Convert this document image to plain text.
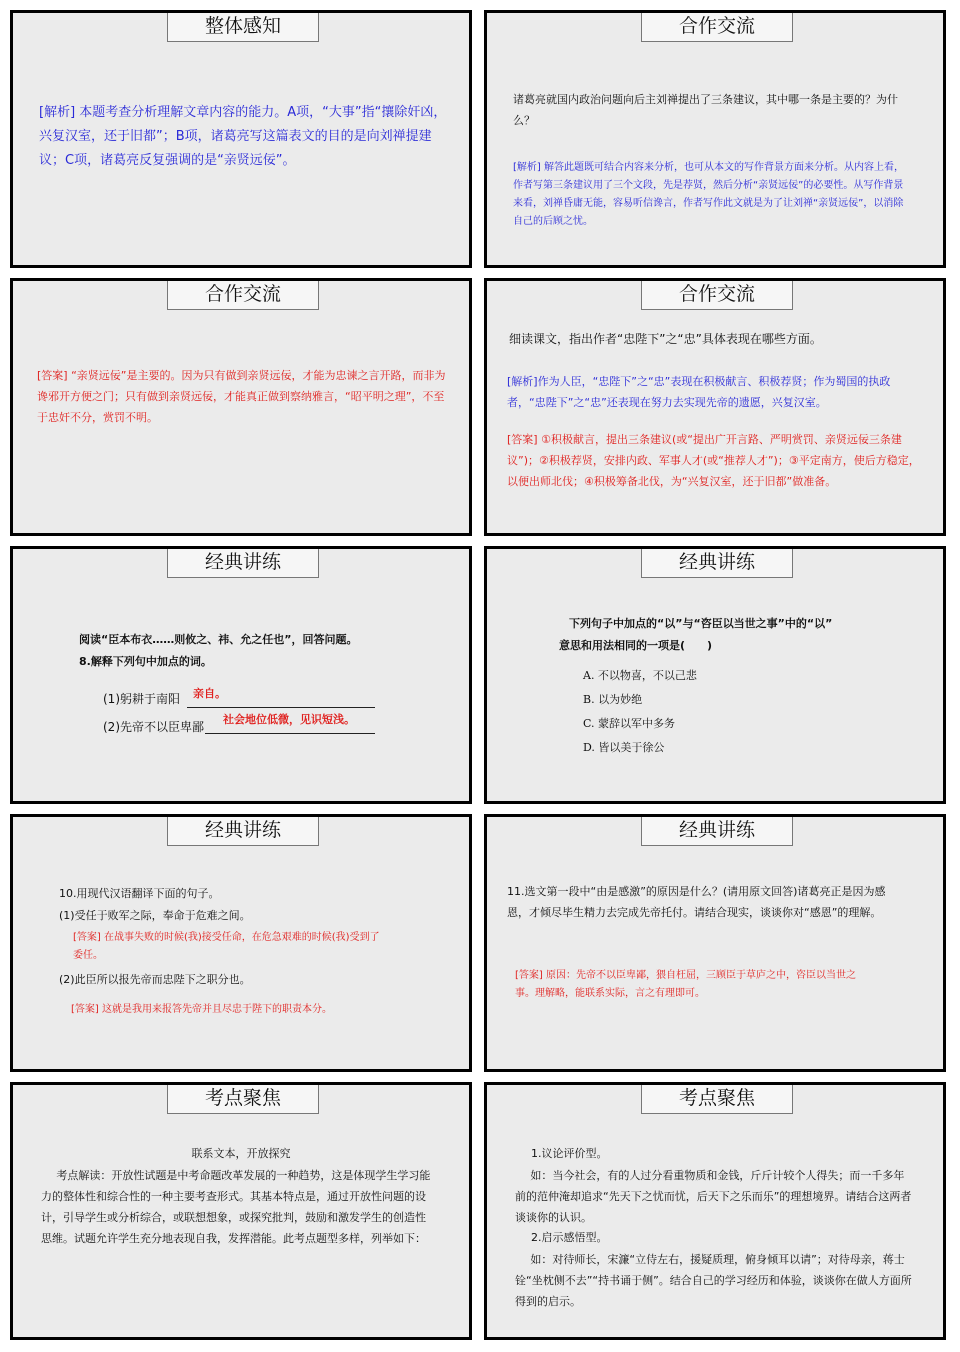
整体感知

[解析] 本题考查分析理解文章内容的能力。A项，“大事”指“攘除奸凶，兴复汉室，还于旧都”；B项，诸葛亮写这篇表文的目的是向刘禅提建议；C项，诸葛亮反复强调的是“亲贤远佞”。

合作交流

诸葛亮就国内政治问题向后主刘禅提出了三条建议，其中哪一条是主要的？为什么？

[解析] 解答此题既可结合内容来分析，也可从本文的写作背景方面来分析。从内容上看，作者写第三条建议用了三个文段，先是荐贤，然后分析“亲贤远佞”的必要性。从写作背景来看，刘禅昏庸无能，容易听信谗言，作者写作此文就是为了让刘禅“亲贤远佞”，以消除自己的后顾之忧。

合作交流

[答案] “亲贤远佞”是主要的。因为只有做到亲贤远佞，才能为忠谏之言开路，而非为谗邪开方便之门；只有做到亲贤远佞，才能真正做到察纳雅言，“昭平明之理”，不至于忠奸不分，赏罚不明。

合作交流

细读课文，指出作者“忠陛下”之“忠”具体表现在哪些方面。

[解析]作为人臣，“忠陛下”之“忠”表现在积极献言、积极荐贤；作为蜀国的执政者，“忠陛下”之“忠”还表现在努力去实现先帝的遗愿，兴复汉室。

[答案] ①积极献言，提出三条建议(或“提出广开言路、严明赏罚、亲贤远佞三条建议”)；②积极荐贤，安排内政、军事人才(或“推荐人才”)；③平定南方，使后方稳定，以便出师北伐；④积极筹备北伐，为“兴复汉室，还于旧都”做准备。

经典讲练

阅读“臣本布衣……则攸之、祎、允之任也”，回答问题。

8.解释下列句中加点的词。

(1)躬耕于南阳 亲自。

(2)先帝不以臣卑鄙

社会地位低微，见识短浅。

经典讲练

下列句子中加点的“以”与“咨臣以当世之事”中的“以”

意思和用法相同的一项是(　　)

A. 不以物喜，不以己悲
B. 以为妙绝
C. 蒙辞以军中多务
D. 皆以美于徐公
经典讲练

10.用现代汉语翻译下面的句子。

(1)受任于败军之际，奉命于危难之间。

[答案] 在战事失败的时候(我)接受任命，在危急艰难的时候(我)受到了委任。

(2)此臣所以报先帝而忠陛下之职分也。

[答案] 这就是我用来报答先帝并且尽忠于陛下的职责本分。

经典讲练

11.选文第一段中“由是感激”的原因是什么？(请用原文回答)诸葛亮正是因为感恩，才倾尽毕生精力去完成先帝托付。请结合现实，谈谈你对“感恩”的理解。

[答案] 原因：先帝不以臣卑鄙，猥自枉屈，三顾臣于草庐之中，咨臣以当世之事。理解略，能联系实际，言之有理即可。

考点聚焦

联系文本，开放探究

考点解读：开放性试题是中考命题改革发展的一种趋势，这是体现学生学习能力的整体性和综合性的一种主要考查形式。其基本特点是，通过开放性问题的设计，引导学生或分析综合，或联想想象，或探究批判，鼓励和激发学生的创造性思维。试题允许学生充分地表现自我，发挥潜能。此考点题型多样，列举如下：

考点聚焦

1.议论评价型。

如：当今社会，有的人过分看重物质和金钱，斤斤计较个人得失；而一千多年前的范仲淹却追求“先天下之忧而忧，后天下之乐而乐”的理想境界。请结合这两者谈谈你的认识。

2.启示感悟型。

如：对待师长，宋濂“立侍左右，援疑质理，俯身倾耳以请”；对待母亲，蒋士铨“坐枕侧不去”“持书诵于侧”。结合自己的学习经历和体验，谈谈你在做人方面所得到的启示。
